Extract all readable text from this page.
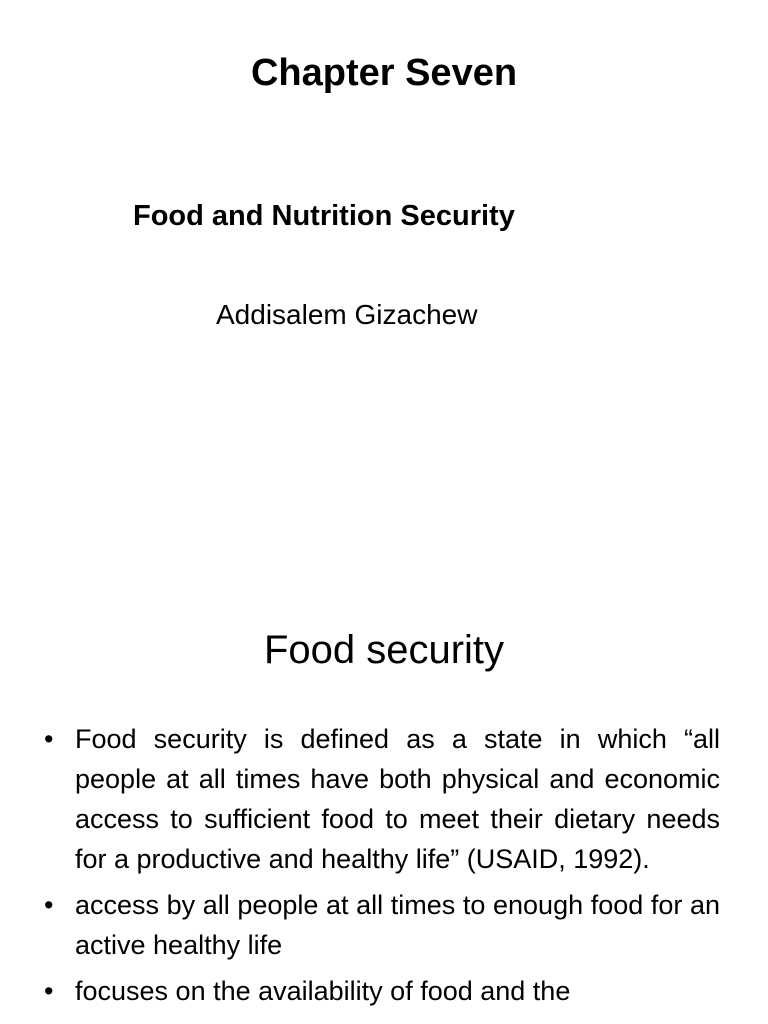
Chapter Seven
Food and Nutrition Security

Addisalem Gizachew

Food security
• Food security is defined as a state in which “all people at all times have both physical and economic access to sufficient food to meet their dietary needs for a productive and healthy life” (USAID, 1992).
• access by all people at all times to enough food for an active healthy life
• focuses on the availability of food and the
